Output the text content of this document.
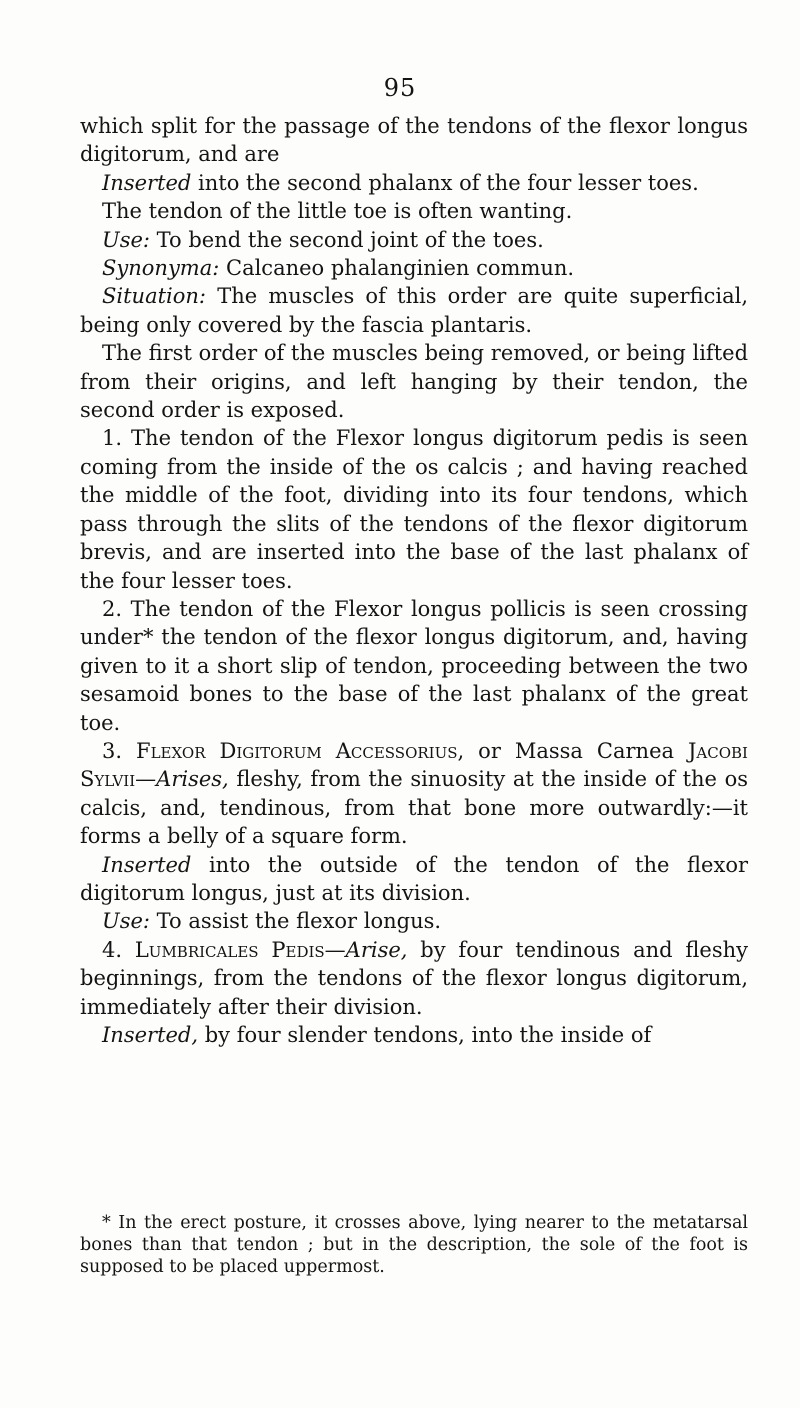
95

which split for the passage of the tendons of the flexor longus digitorum, and are

Inserted into the second phalanx of the four lesser toes.

The tendon of the little toe is often wanting.

Use: To bend the second joint of the toes.

Synonyma: Calcaneo phalanginien commun.

Situation: The muscles of this order are quite superficial, being only covered by the fascia plantaris.

The first order of the muscles being removed, or being lifted from their origins, and left hanging by their tendon, the second order is exposed.

1. The tendon of the Flexor longus digitorum pedis is seen coming from the inside of the os calcis ; and having reached the middle of the foot, dividing into its four tendons, which pass through the slits of the tendons of the flexor digitorum brevis, and are inserted into the base of the last phalanx of the four lesser toes.

2. The tendon of the Flexor longus pollicis is seen crossing under* the tendon of the flexor longus digitorum, and, having given to it a short slip of tendon, proceeding between the two sesamoid bones to the base of the last phalanx of the great toe.

3. Flexor Digitorum Accessorius, or Massa Carnea Jacobi Sylvii—Arises, fleshy, from the sinuosity at the inside of the os calcis, and, tendinous, from that bone more outwardly:—it forms a belly of a square form.

Inserted into the outside of the tendon of the flexor digitorum longus, just at its division.

Use: To assist the flexor longus.

4. Lumbricales Pedis—Arise, by four tendinous and fleshy beginnings, from the tendons of the flexor longus digitorum, immediately after their division.

Inserted, by four slender tendons, into the inside of

* In the erect posture, it crosses above, lying nearer to the metatarsal bones than that tendon ; but in the description, the sole of the foot is supposed to be placed uppermost.
